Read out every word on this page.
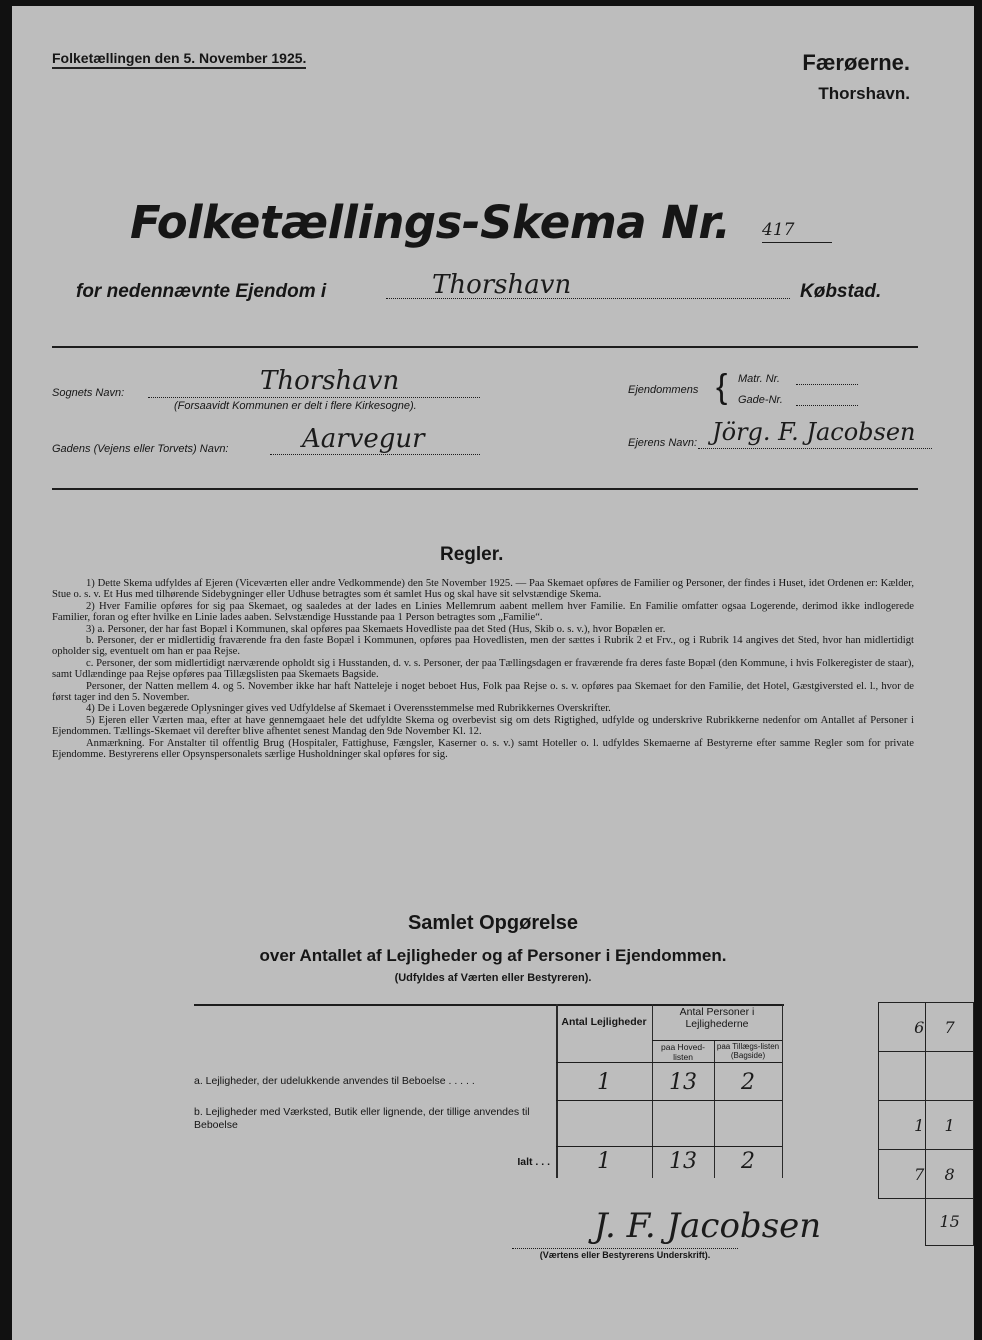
Folketællingen den 5. November 1925.	Færøerne.
Thorshavn.
Folketællings-Skema Nr. 417
for nedennævnte Ejendom i	Thorshavn	Købstad.
Sognets Navn:	Thorshavn
(Forsaavidt Kommunen er delt i flere Kirkesogne).
Gadens (Vejens eller Torvets) Navn:	Aarvegur
Ejendommens { Matr. Nr.
Gade-Nr.
Ejerens Navn: Jörg. F. Jacobsen
Regler.

1) Dette Skema udfyldes af Ejeren (Viceværten eller andre Vedkommende) den 5te November 1925. — Paa Skemaet opføres de Familier og Personer, der findes i Huset, idet Ordenen er: Kælder, Stue o. s. v. Et Hus med tilhørende Sidebygninger eller Udhuse betragtes som ét samlet Hus og skal have sit selvstændige Skema.

2) Hver Familie opføres for sig paa Skemaet, og saaledes at der lades en Linies Mellemrum aabent mellem hver Familie. En Familie omfatter ogsaa Logerende, derimod ikke indlogerede Familier, foran og efter hvilke en Linie lades aaben. Selvstændige Husstande paa 1 Person betragtes som „Familie“.

3) a. Personer, der har fast Bopæl i Kommunen, skal opføres paa Skemaets Hovedliste paa det Sted (Hus, Skib o. s. v.), hvor Bopælen er.

b. Personer, der er midlertidig fraværende fra den faste Bopæl i Kommunen, opføres paa Hovedlisten, men der sættes i Rubrik 2 et Frv., og i Rubrik 14 angives det Sted, hvor han midlertidigt opholder sig, eventuelt om han er paa Rejse.

c. Personer, der som midlertidigt nærværende opholdt sig i Husstanden, d. v. s. Personer, der paa Tællingsdagen er fraværende fra deres faste Bopæl (den Kommune, i hvis Folkeregister de staar), samt Udlændinge paa Rejse opføres paa Tillægslisten paa Skemaets Bagside.

Personer, der Natten mellem 4. og 5. November ikke har haft Natteleje i noget beboet Hus, Folk paa Rejse o. s. v. opføres paa Skemaet for den Familie, det Hotel, Gæstgiversted el. l., hvor de først tager ind den 5. November.

4) De i Loven begærede Oplysninger gives ved Udfyldelse af Skemaet i Overensstemmelse med Rubrikkernes Overskrifter.

5) Ejeren eller Værten maa, efter at have gennemgaaet hele det udfyldte Skema og overbevist sig om dets Rigtighed, udfylde og underskrive Rubrikkerne nedenfor om Antallet af Personer i Ejendommen. Tællings-Skemaet vil derefter blive afhentet senest Mandag den 9de November Kl. 12.

Anmærkning. For Anstalter til offentlig Brug (Hospitaler, Fattighuse, Fængsler, Kaserner o. s. v.) samt Hoteller o. l. udfyldes Skemaerne af Bestyrerne efter samme Regler som for private Ejendomme. Bestyrerens eller Opsynspersonalets særlige Husholdninger skal opføres for sig.

Samlet Opgørelse
over Antallet af Lejligheder og af Personer i Ejendommen.
(Udfyldes af Værten eller Bestyreren).
Antal Lejligheder
Antal Personer i Lejlighederne
paa Hoved-listen
paa Tillægs-listen (Bagside)
a. Lejligheder, der udelukkende anvendes til Beboelse . . . . .	1	13	2
b. Lejligheder med Værksted, Butik eller lignende, der tillige anvendes til Beboelse
Ialt . . .	1	13	2
6	7

1	1
7	8
	15
J. F. Jacobsen
(Værtens eller Bestyrerens Underskrift).
